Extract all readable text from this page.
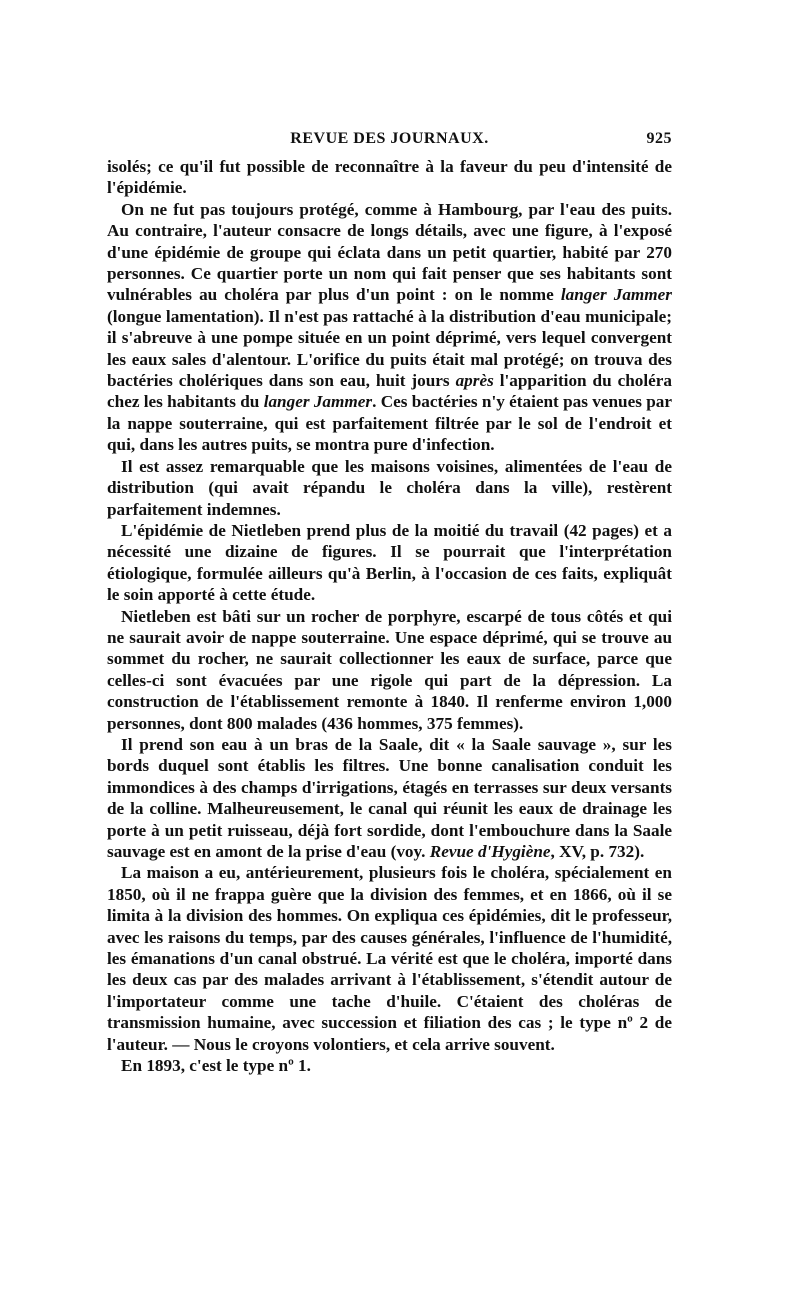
REVUE DES JOURNAUX.	925

isolés; ce qu'il fut possible de reconnaître à la faveur du peu d'intensité de l'épidémie.

On ne fut pas toujours protégé, comme à Hambourg, par l'eau des puits. Au contraire, l'auteur consacre de longs détails, avec une figure, à l'exposé d'une épidémie de groupe qui éclata dans un petit quartier, habité par 270 personnes. Ce quartier porte un nom qui fait penser que ses habitants sont vulnérables au choléra par plus d'un point : on le nomme langer Jammer (longue lamentation). Il n'est pas rattaché à la distribution d'eau municipale; il s'abreuve à une pompe située en un point déprimé, vers lequel convergent les eaux sales d'alentour. L'orifice du puits était mal protégé; on trouva des bactéries cholériques dans son eau, huit jours après l'apparition du choléra chez les habitants du langer Jammer. Ces bactéries n'y étaient pas venues par la nappe souterraine, qui est parfaitement filtrée par le sol de l'endroit et qui, dans les autres puits, se montra pure d'infection.

Il est assez remarquable que les maisons voisines, alimentées de l'eau de distribution (qui avait répandu le choléra dans la ville), restèrent parfaitement indemnes.

L'épidémie de Nietleben prend plus de la moitié du travail (42 pages) et a nécessité une dizaine de figures. Il se pourrait que l'interprétation étiologique, formulée ailleurs qu'à Berlin, à l'occasion de ces faits, expliquât le soin apporté à cette étude.

Nietleben est bâti sur un rocher de porphyre, escarpé de tous côtés et qui ne saurait avoir de nappe souterraine. Une espace déprimé, qui se trouve au sommet du rocher, ne saurait collectionner les eaux de surface, parce que celles-ci sont évacuées par une rigole qui part de la dépression. La construction de l'établissement remonte à 1840. Il renferme environ 1,000 personnes, dont 800 malades (436 hommes, 375 femmes).

Il prend son eau à un bras de la Saale, dit « la Saale sauvage », sur les bords duquel sont établis les filtres. Une bonne canalisation conduit les immondices à des champs d'irrigations, étagés en terrasses sur deux versants de la colline. Malheureusement, le canal qui réunit les eaux de drainage les porte à un petit ruisseau, déjà fort sordide, dont l'embouchure dans la Saale sauvage est en amont de la prise d'eau (voy. Revue d'Hygiène, XV, p. 732).

La maison a eu, antérieurement, plusieurs fois le choléra, spécialement en 1850, où il ne frappa guère que la division des femmes, et en 1866, où il se limita à la division des hommes. On expliqua ces épidémies, dit le professeur, avec les raisons du temps, par des causes générales, l'influence de l'humidité, les émanations d'un canal obstrué. La vérité est que le choléra, importé dans les deux cas par des malades arrivant à l'établissement, s'étendit autour de l'importateur comme une tache d'huile. C'étaient des choléras de transmission humaine, avec succession et filiation des cas ; le type nº 2 de l'auteur. — Nous le croyons volontiers, et cela arrive souvent.

En 1893, c'est le type nº 1.
